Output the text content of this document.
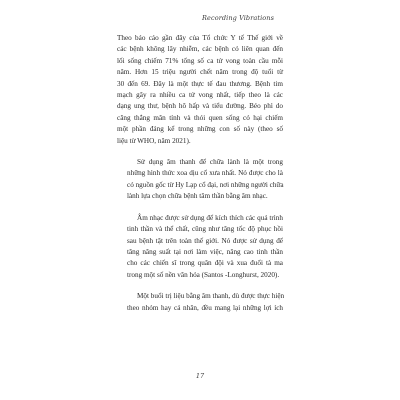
Recording Vibrations
Theo báo cáo gần đây của Tổ chức Y tế Thế giới về
các bệnh không lây nhiễm, các bệnh có liên quan đến
lối sống chiếm 71% tổng số ca tử vong toàn cầu mỗi
năm. Hơn 15 triệu người chết năm trong độ tuổi từ
30 đến 69. Đây là một thực tế đau thương. Bệnh tim
mạch gây ra nhiều ca tử vong nhất, tiếp theo là các
dạng ung thư, bệnh hô hấp và tiểu đường. Béo phì do
căng thẳng mãn tính và thói quen sống có hại chiếm
một phần đáng kể trong những con số này (theo số
liệu từ WHO, năm 2021).
Sử dụng âm thanh để chữa lành là một trong
những hình thức xoa dịu cổ xưa nhất. Nó được cho là
có nguồn gốc từ Hy Lạp cổ đại, nơi những người chữa
lành lựa chọn chữa bệnh tâm thần bằng âm nhạc.
Âm nhạc được sử dụng để kích thích các quá trình
tinh thần và thể chất, cũng như tăng tốc độ phục hồi
sau bệnh tật trên toàn thế giới. Nó được sử dụng để
tăng năng suất tại nơi làm việc, nâng cao tinh thần
cho các chiến sĩ trong quân đội và xua đuổi tà ma
trong một số nền văn hóa (Santos -Longhurst, 2020).
Một buổi trị liệu bằng âm thanh, dù được thực hiện
theo nhóm hay cá nhân, đều mang lại những lợi ích
17
